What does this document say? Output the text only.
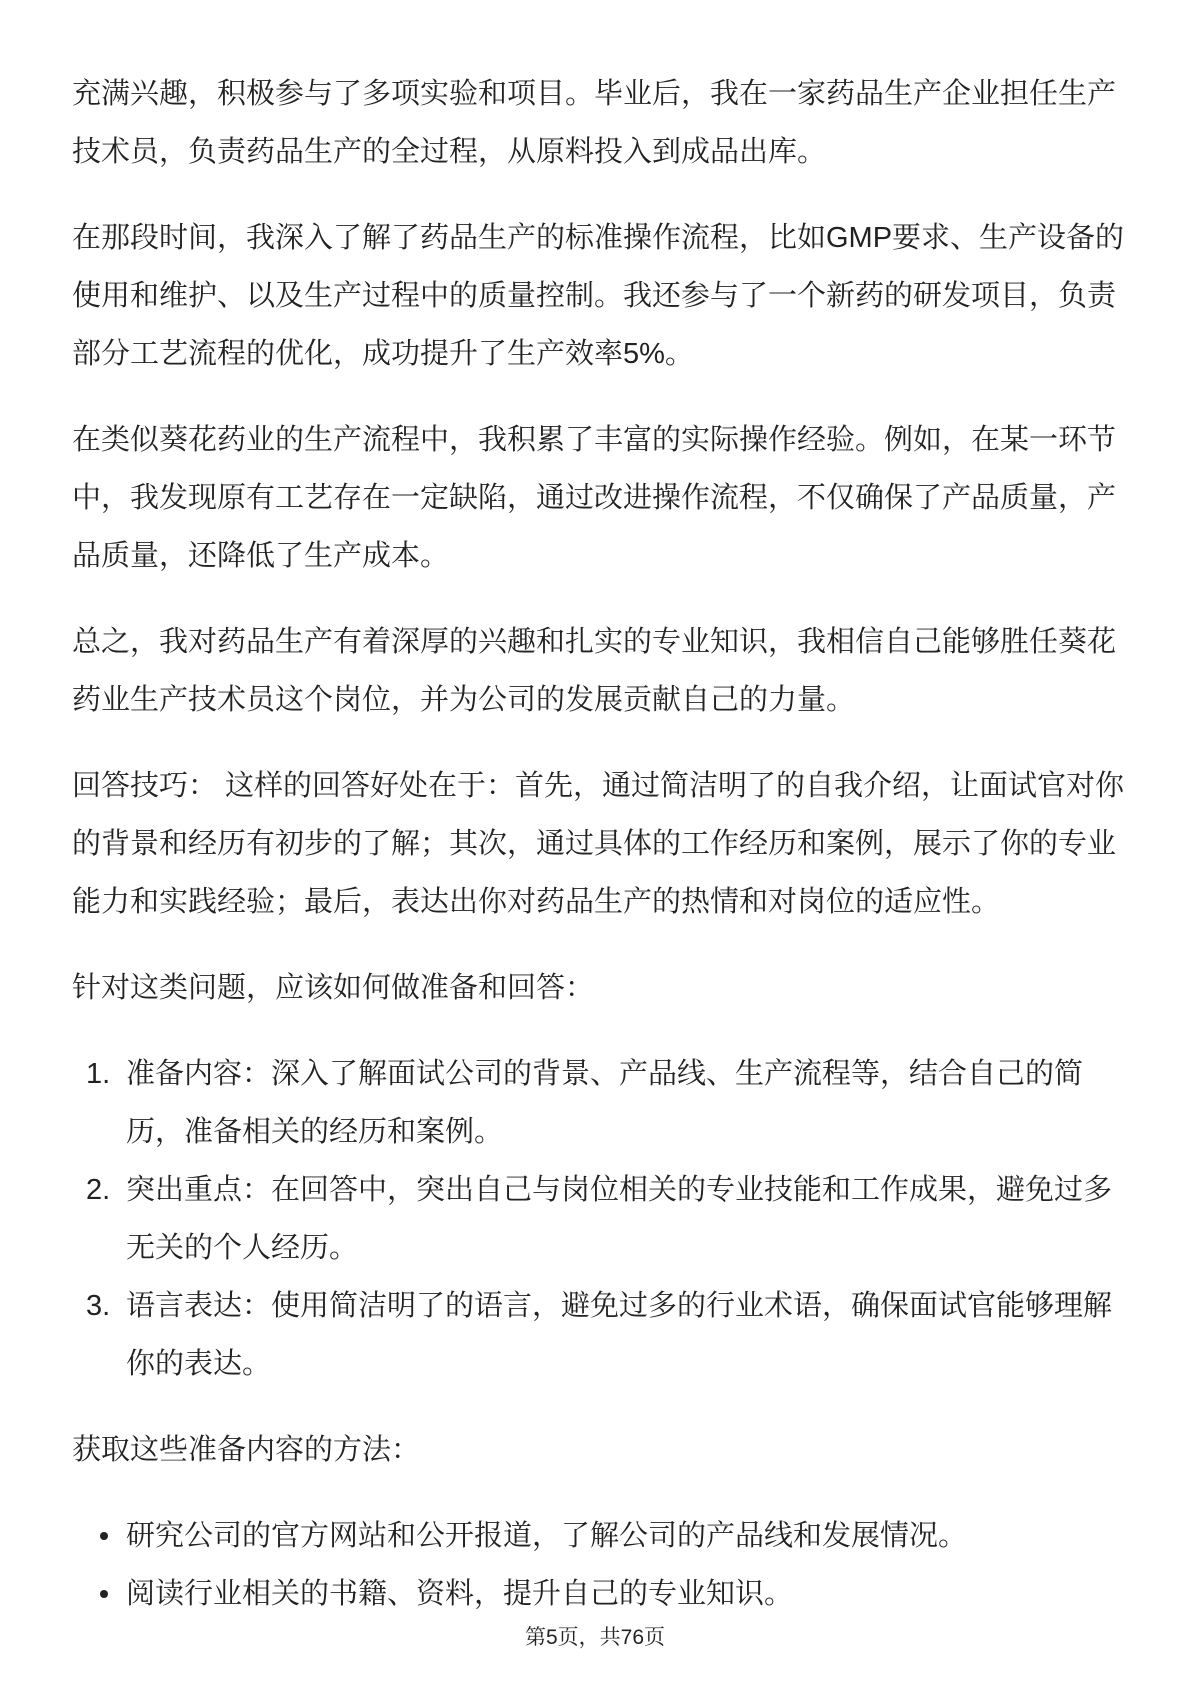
充满兴趣，积极参与了多项实验和项目。毕业后，我在一家药品生产企业担任生产
技术员，负责药品生产的全过程，从原料投入到成品出库。

在那段时间，我深入了解了药品生产的标准操作流程，比如GMP要求、生产设备的
使用和维护、以及生产过程中的质量控制。我还参与了一个新药的研发项目，负责
部分工艺流程的优化，成功提升了生产效率5%。

在类似葵花药业的生产流程中，我积累了丰富的实际操作经验。例如，在某一环节
中，我发现原有工艺存在一定缺陷，通过改进操作流程，不仅确保了产品质量，产
品质量，还降低了生产成本。

总之，我对药品生产有着深厚的兴趣和扎实的专业知识，我相信自己能够胜任葵花
药业生产技术员这个岗位，并为公司的发展贡献自己的力量。

回答技巧： 这样的回答好处在于：首先，通过简洁明了的自我介绍，让面试官对你
的背景和经历有初步的了解；其次，通过具体的工作经历和案例，展示了你的专业
能力和实践经验；最后，表达出你对药品生产的热情和对岗位的适应性。

针对这类问题，应该如何做准备和回答：

1. 准备内容：深入了解面试公司的背景、产品线、生产流程等，结合自己的简
历，准备相关的经历和案例。
2. 突出重点：在回答中，突出自己与岗位相关的专业技能和工作成果，避免过多
无关的个人经历。
3. 语言表达：使用简洁明了的语言，避免过多的行业术语，确保面试官能够理解
你的表达。

获取这些准备内容的方法：

研究公司的官方网站和公开报道，了解公司的产品线和发展情况。
阅读行业相关的书籍、资料，提升自己的专业知识。
第5页，共76页
